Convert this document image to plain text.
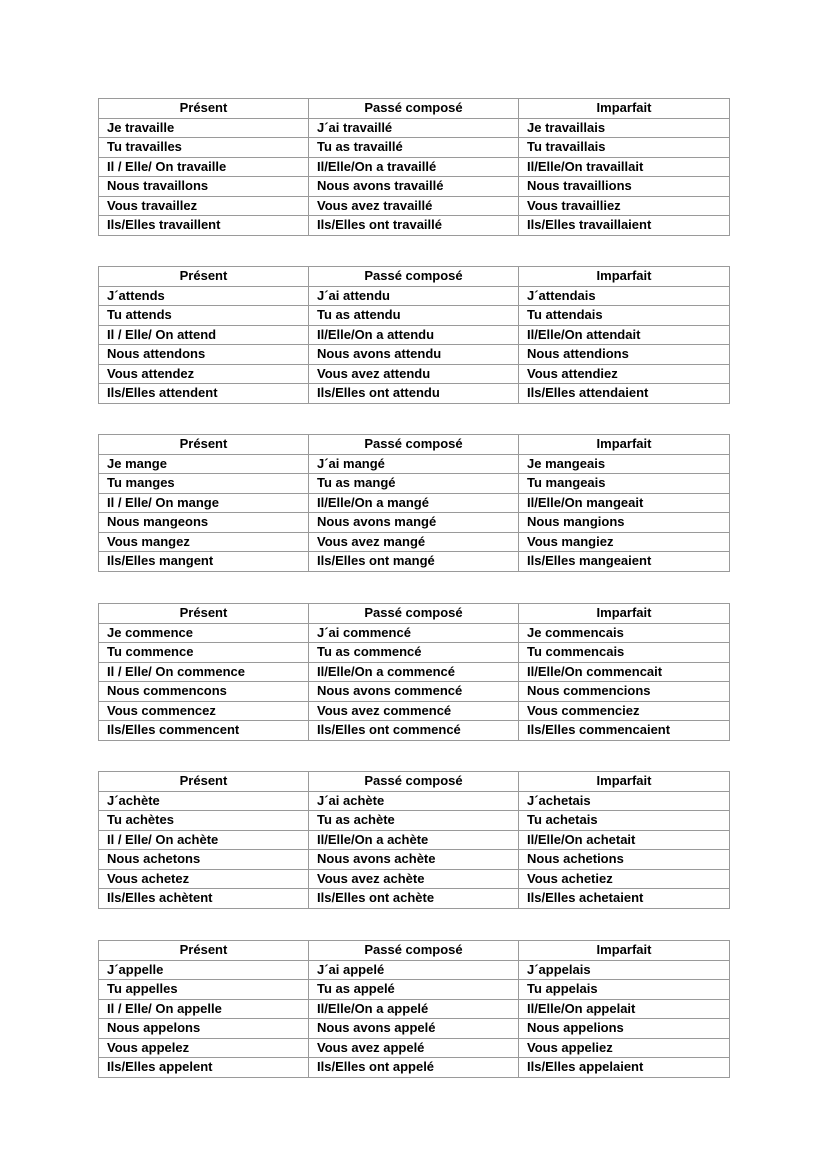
Présent	Passé composé	Imparfait
Je travaille	J´ai travaillé	Je travaillais
Tu travailles	Tu as travaillé	Tu travaillais
Il / Elle/ On travaille	Il/Elle/On a travaillé	Il/Elle/On travaillait
Nous travaillons	Nous avons travaillé	Nous travaillions
Vous travaillez	Vous avez travaillé	Vous travailliez
Ils/Elles travaillent	Ils/Elles ont travaillé	Ils/Elles travaillaient
Présent	Passé composé	Imparfait
J´attends	J´ai attendu	J´attendais
Tu attends	Tu as attendu	Tu attendais
Il / Elle/ On attend	Il/Elle/On a attendu	Il/Elle/On attendait
Nous attendons	Nous avons attendu	Nous attendions
Vous attendez	Vous avez attendu	Vous attendiez
Ils/Elles attendent	Ils/Elles ont attendu	Ils/Elles attendaient
Présent	Passé composé	Imparfait
Je mange	J´ai mangé	Je mangeais
Tu manges	Tu as mangé	Tu mangeais
Il / Elle/ On mange	Il/Elle/On a mangé	Il/Elle/On mangeait
Nous mangeons	Nous avons mangé	Nous mangions
Vous mangez	Vous avez mangé	Vous mangiez
Ils/Elles mangent	Ils/Elles ont mangé	Ils/Elles mangeaient
Présent	Passé composé	Imparfait
Je commence	J´ai commencé	Je commencais
Tu commence	Tu as commencé	Tu commencais
Il / Elle/ On commence	Il/Elle/On a commencé	Il/Elle/On commencait
Nous commencons	Nous avons commencé	Nous commencions
Vous commencez	Vous avez commencé	Vous commenciez
Ils/Elles commencent	Ils/Elles ont commencé	Ils/Elles commencaient
Présent	Passé composé	Imparfait
J´achète	J´ai achète	J´achetais
Tu achètes	Tu as achète	Tu achetais
Il / Elle/ On achète	Il/Elle/On a achète	Il/Elle/On achetait
Nous achetons	Nous avons achète	Nous achetions
Vous achetez	Vous avez achète	Vous achetiez
Ils/Elles achètent	Ils/Elles ont achète	Ils/Elles achetaient
Présent	Passé composé	Imparfait
J´appelle	J´ai appelé	J´appelais
Tu appelles	Tu as appelé	Tu appelais
Il / Elle/ On appelle	Il/Elle/On a appelé	Il/Elle/On appelait
Nous appelons	Nous avons appelé	Nous appelions
Vous appelez	Vous avez appelé	Vous appeliez
Ils/Elles appelent	Ils/Elles ont appelé	Ils/Elles appelaient
